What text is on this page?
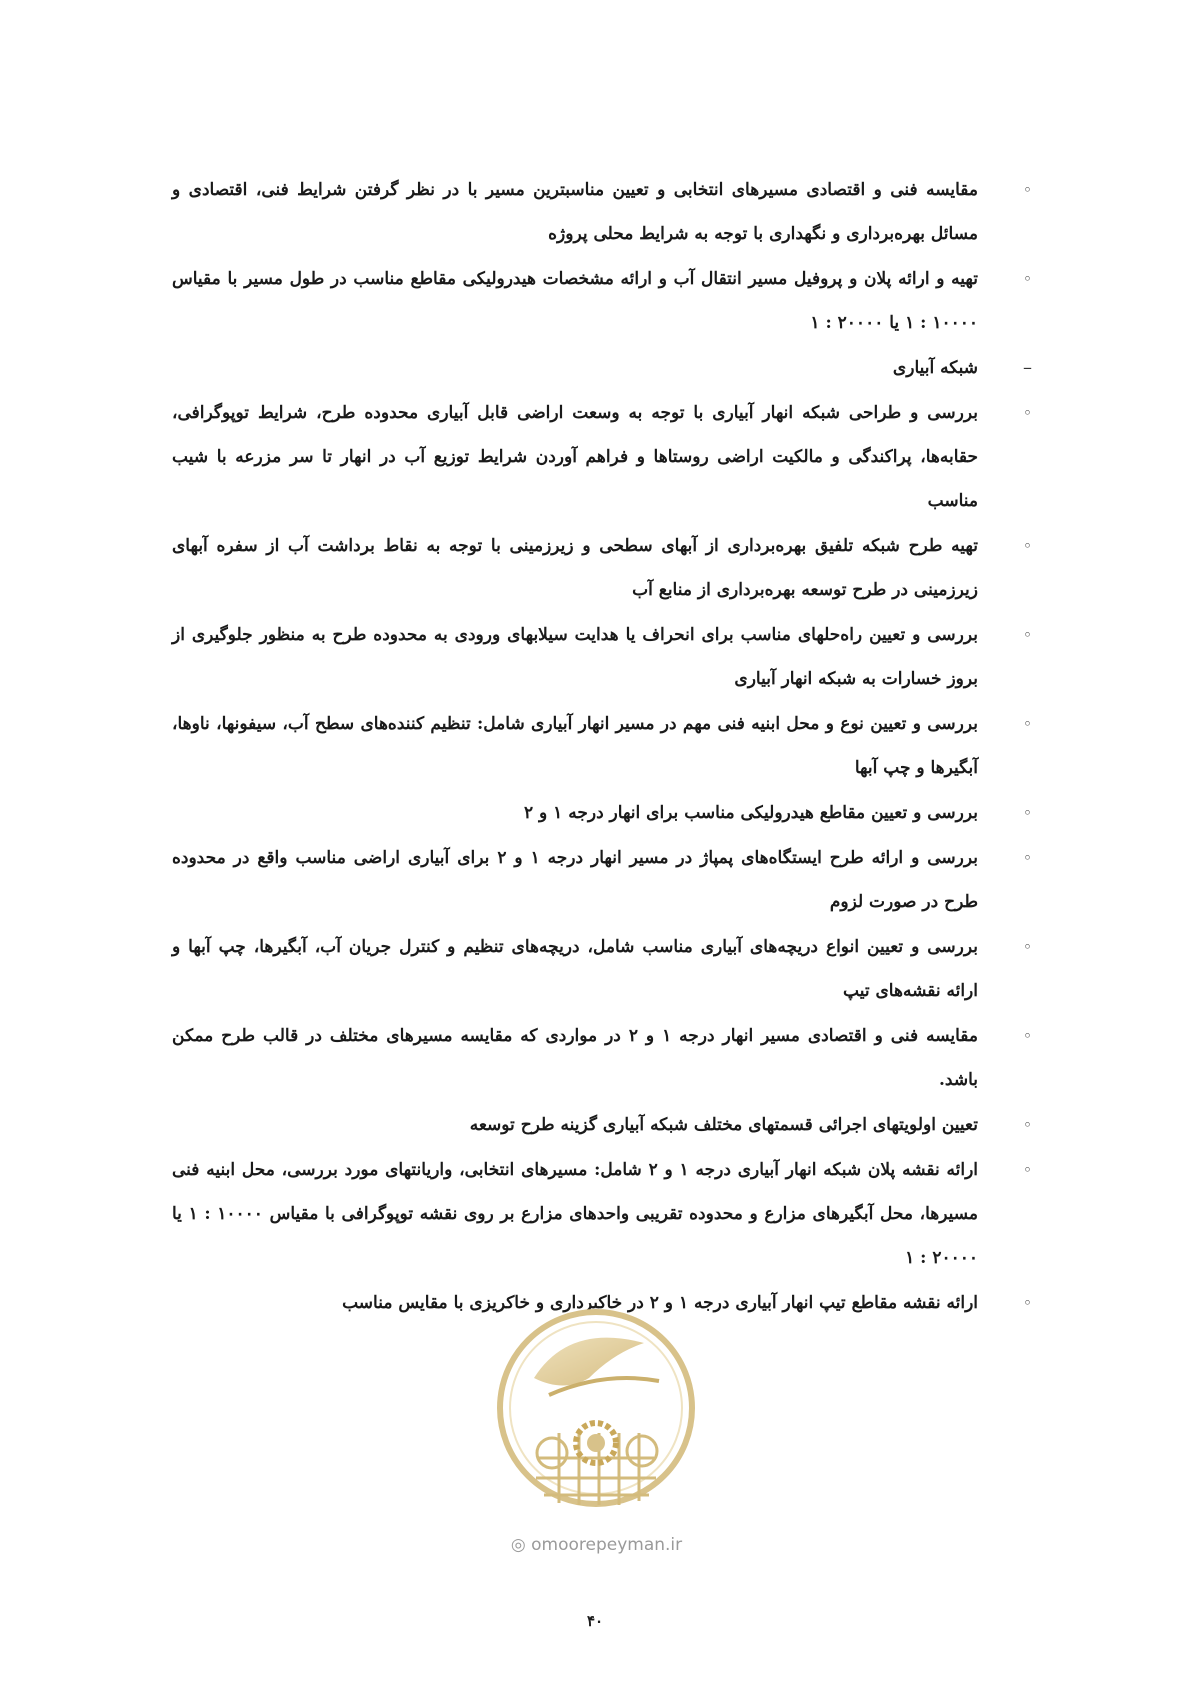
◦
مقایسه فنی و اقتصادی مسیرهای انتخابی و تعیین مناسبترین مسیر با در نظر گرفتن شرایط فنی، اقتصادی و مسائل بهره‌برداری و نگهداری با توجه به شرایط محلی پروژه
◦
تهیه و ارائه پلان و پروفیل مسیر انتقال آب و ارائه مشخصات هیدرولیکی مقاطع مناسب در طول مسیر با مقیاس ۱۰۰۰۰ : ۱ یا ۲۰۰۰۰ : ۱
–
شبکه آبیاری
◦
بررسی و طراحی شبکه انهار آبیاری با توجه به وسعت اراضی قابل آبیاری محدوده طرح، شرایط توپوگرافی، حقابه‌ها، پراکندگی و مالکیت اراضی روستاها و فراهم آوردن شرایط توزیع آب در انهار تا سر مزرعه با شیب مناسب
◦
تهیه طرح شبکه تلفیق بهره‌برداری از آبهای سطحی و زیرزمینی با توجه به نقاط برداشت آب از سفره آبهای زیرزمینی در طرح توسعه بهره‌برداری از منابع آب
◦
بررسی و تعیین راه‌حلهای مناسب برای انحراف یا هدایت سیلابهای ورودی به محدوده طرح به منظور جلوگیری از بروز خسارات به شبکه انهار آبیاری
◦
بررسی و تعیین نوع و محل ابنیه فنی مهم در مسیر انهار آبیاری شامل: تنظیم کننده‌های سطح آب، سیفونها، ناوها، آبگیرها و چپ آبها
◦
بررسی و تعیین مقاطع هیدرولیکی مناسب برای انهار درجه ۱ و ۲
◦
بررسی و ارائه طرح ایستگاه‌های پمپاژ در مسیر انهار درجه ۱ و ۲ برای آبیاری اراضی مناسب واقع در محدوده طرح در صورت لزوم
◦
بررسی و تعیین انواع دریچه‌های آبیاری مناسب شامل، دریچه‌های تنظیم و کنترل جریان آب، آبگیرها، چپ آبها و ارائه نقشه‌های تیپ
◦
مقایسه فنی و اقتصادی مسیر انهار درجه ۱ و ۲ در مواردی که مقایسه مسیرهای مختلف در قالب طرح ممکن باشد.
◦
تعیین اولویتهای اجرائی قسمتهای مختلف شبکه آبیاری گزینه طرح توسعه
◦
ارائه نقشه پلان شبکه انهار آبیاری درجه ۱ و ۲ شامل: مسیرهای انتخابی، واریانتهای مورد بررسی، محل ابنیه فنی مسیرها، محل آبگیرهای مزارع و محدوده تقریبی واحدهای مزارع بر روی نقشه توپوگرافی با مقیاس ۱۰۰۰۰ : ۱ یا ۲۰۰۰۰ : ۱
◦
ارائه نقشه مقاطع تیپ انهار آبیاری درجه ۱ و ۲ در خاکبرداری و خاکریزی با مقایس مناسب
◎ omoorepeyman.ir
۴۰
